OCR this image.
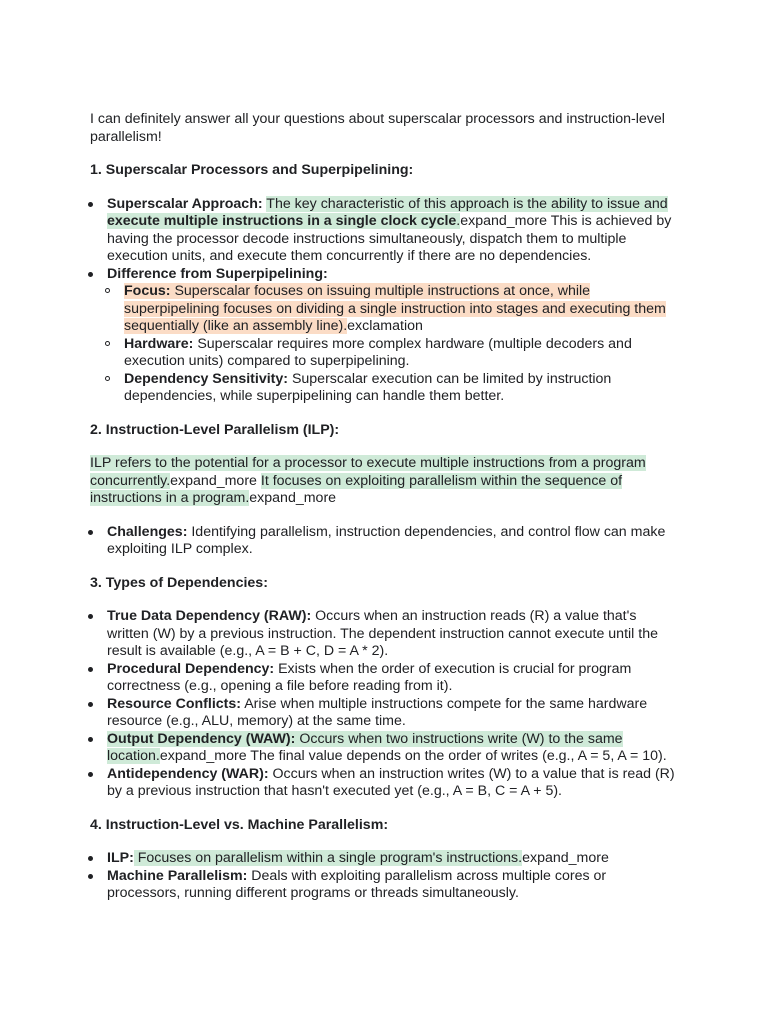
I can definitely answer all your questions about superscalar processors and instruction-level parallelism!

1. Superscalar Processors and Superpipelining:

Superscalar Approach: The key characteristic of this approach is the ability to issue and execute multiple instructions in a single clock cycle.expand_more This is achieved by having the processor decode instructions simultaneously, dispatch them to multiple execution units, and execute them concurrently if there are no dependencies.
Difference from Superpipelining:
Focus: Superscalar focuses on issuing multiple instructions at once, while superpipelining focuses on dividing a single instruction into stages and executing them sequentially (like an assembly line).exclamation
Hardware: Superscalar requires more complex hardware (multiple decoders and execution units) compared to superpipelining.
Dependency Sensitivity: Superscalar execution can be limited by instruction dependencies, while superpipelining can handle them better.

2. Instruction-Level Parallelism (ILP):

ILP refers to the potential for a processor to execute multiple instructions from a program concurrently.expand_more It focuses on exploiting parallelism within the sequence of instructions in a program.expand_more

Challenges: Identifying parallelism, instruction dependencies, and control flow can make exploiting ILP complex.

3. Types of Dependencies:

True Data Dependency (RAW): Occurs when an instruction reads (R) a value that's written (W) by a previous instruction. The dependent instruction cannot execute until the result is available (e.g., A = B + C, D = A * 2).
Procedural Dependency: Exists when the order of execution is crucial for program correctness (e.g., opening a file before reading from it).
Resource Conflicts: Arise when multiple instructions compete for the same hardware resource (e.g., ALU, memory) at the same time.
Output Dependency (WAW): Occurs when two instructions write (W) to the same location.expand_more The final value depends on the order of writes (e.g., A = 5, A = 10).
Antidependency (WAR): Occurs when an instruction writes (W) to a value that is read (R) by a previous instruction that hasn't executed yet (e.g., A = B, C = A + 5).

4. Instruction-Level vs. Machine Parallelism:

ILP: Focuses on parallelism within a single program's instructions.expand_more
Machine Parallelism: Deals with exploiting parallelism across multiple cores or processors, running different programs or threads simultaneously.
